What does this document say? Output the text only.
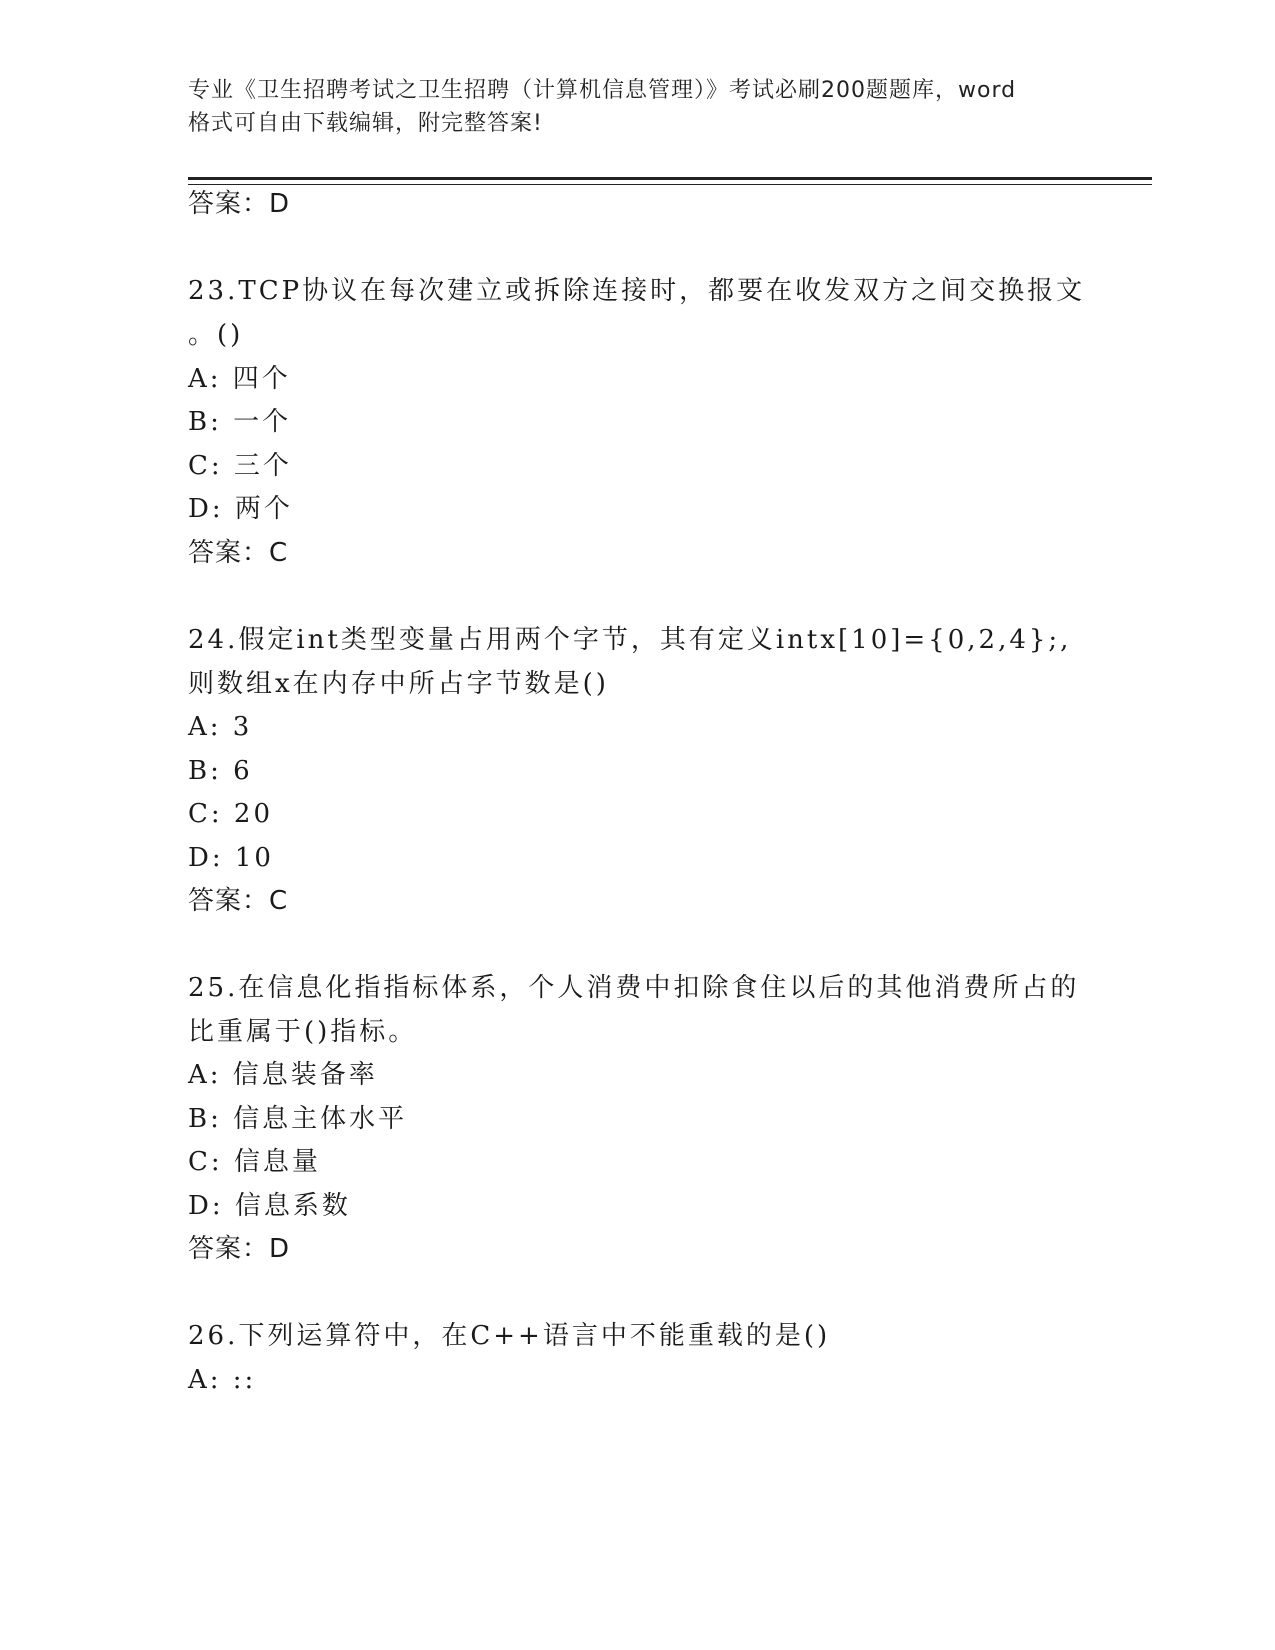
专业《卫生招聘考试之卫生招聘（计算机信息管理）》考试必刷200题题库，word
格式可自由下载编辑，附完整答案!
答案：D
23.TCP协议在每次建立或拆除连接时，都要在收发双方之间交换报文
。()
A: 四个
B: 一个
C: 三个
D: 两个
答案：C
24.假定int类型变量占用两个字节，其有定义intx[10]={0,2,4};,
则数组x在内存中所占字节数是()
A: 3
B: 6
C: 20
D: 10
答案：C
25.在信息化指指标体系，个人消费中扣除食住以后的其他消费所占的
比重属于()指标。
A: 信息装备率
B: 信息主体水平
C: 信息量
D: 信息系数
答案：D
26.下列运算符中，在C++语言中不能重载的是()
A: ::
